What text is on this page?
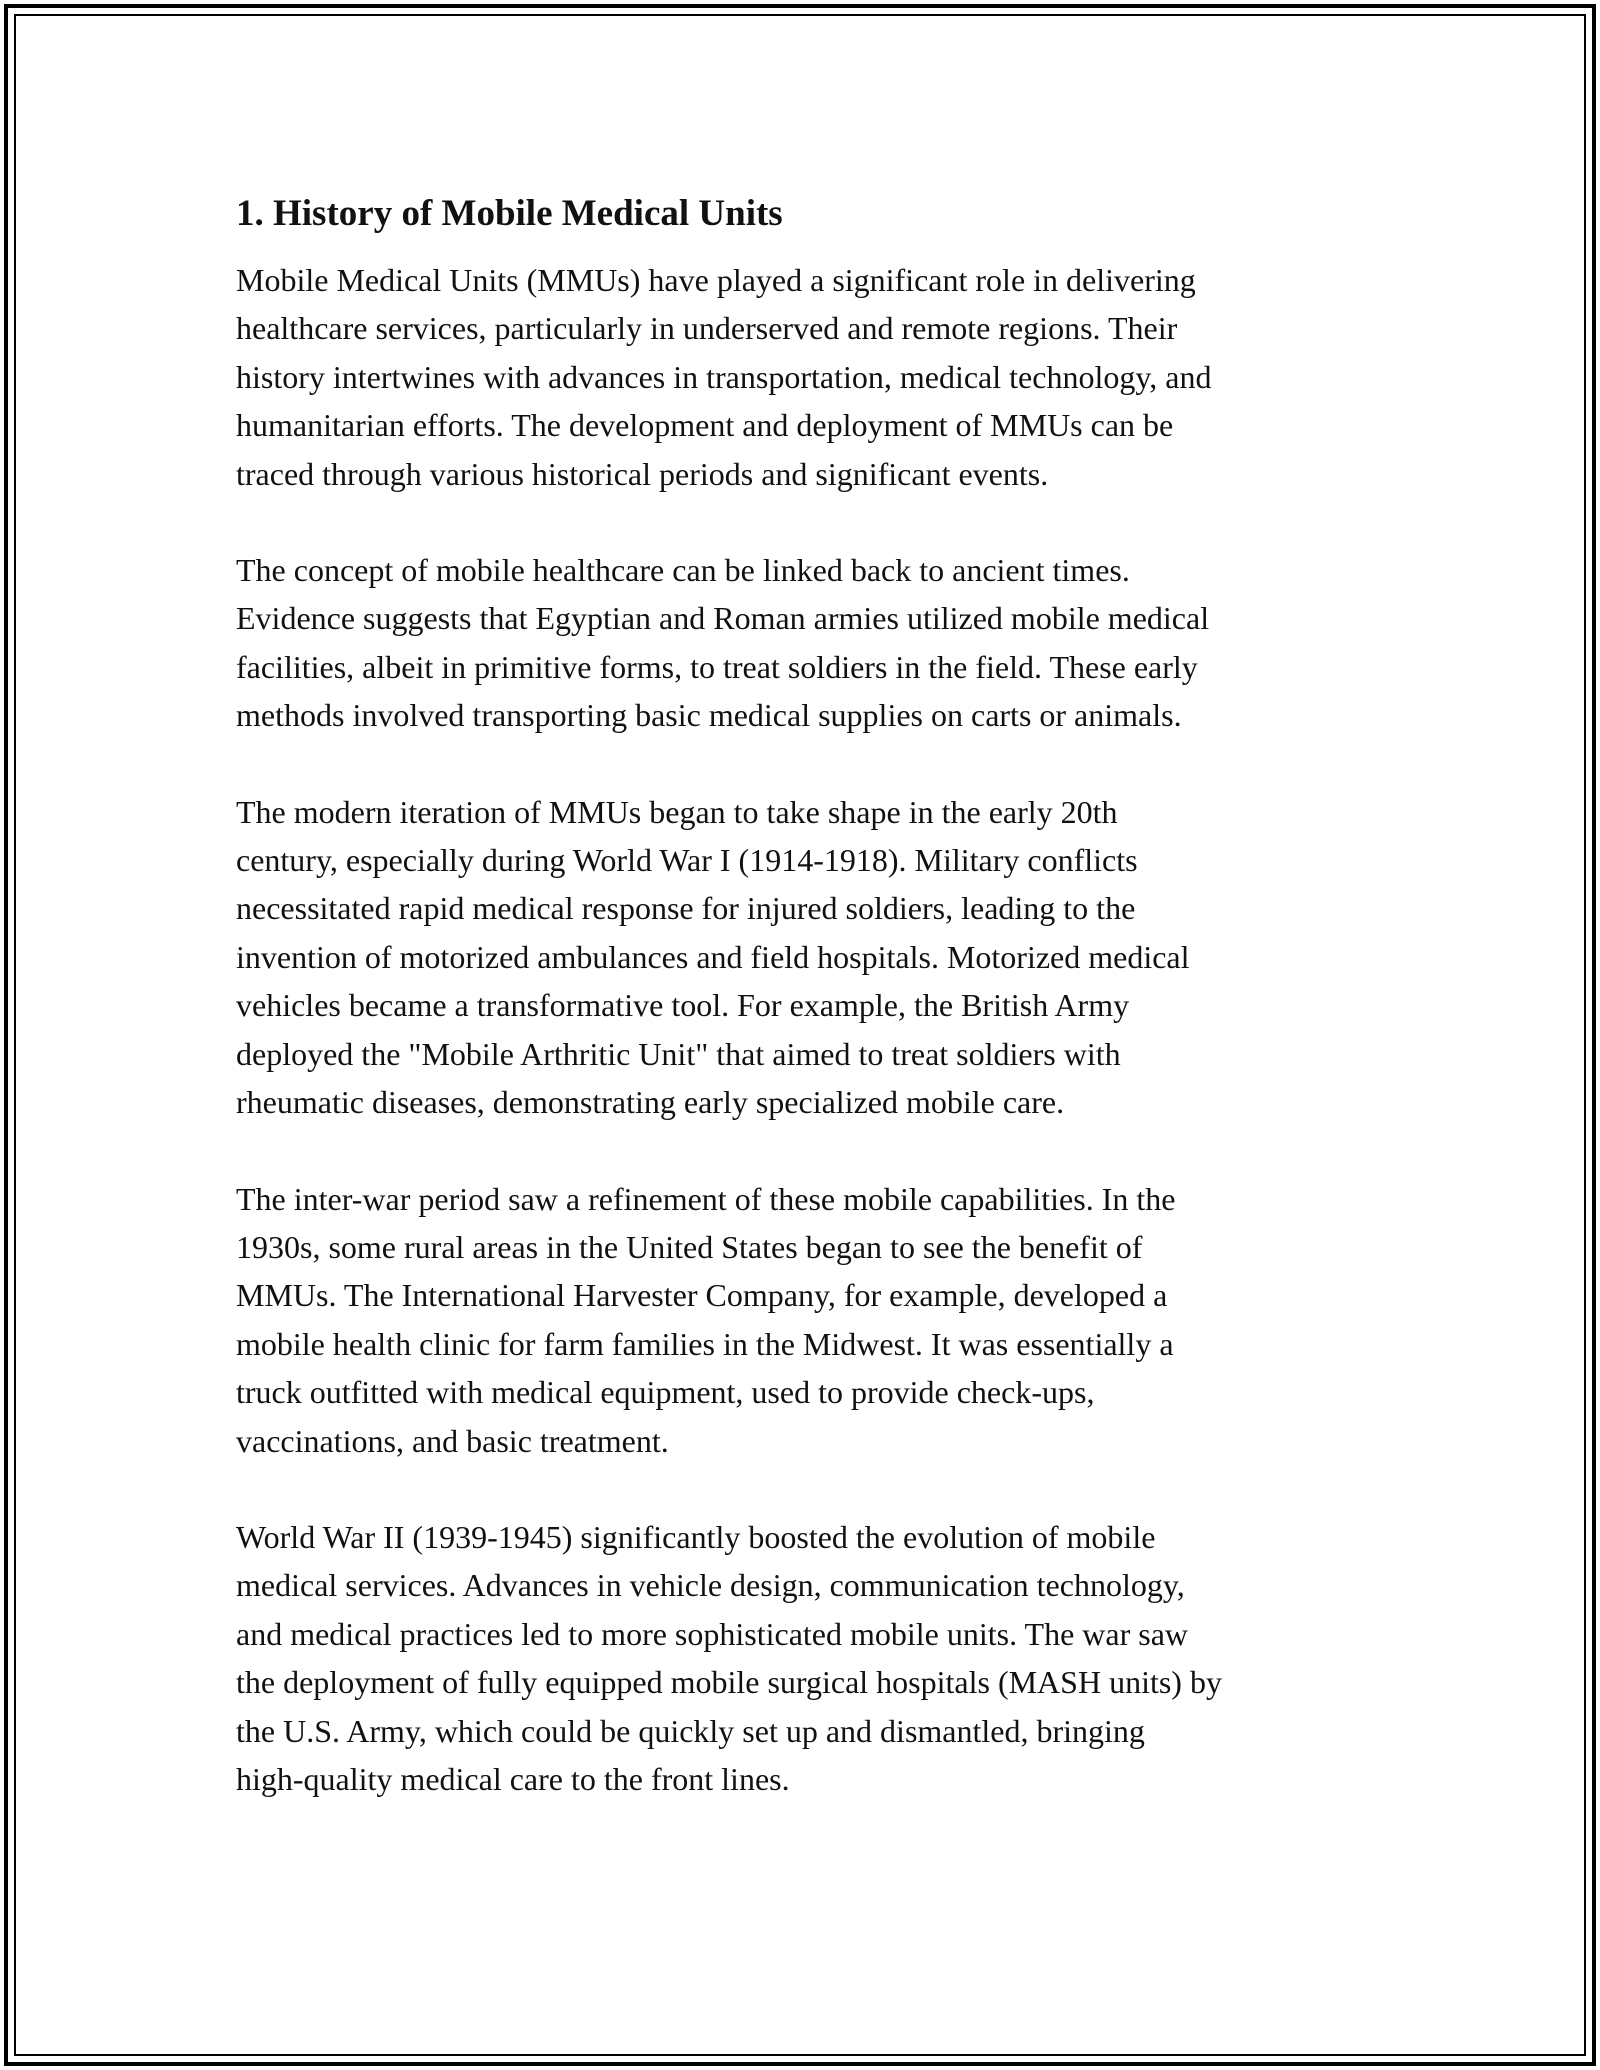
1. History of Mobile Medical Units

Mobile Medical Units (MMUs) have played a significant role in delivering
healthcare services, particularly in underserved and remote regions. Their
history intertwines with advances in transportation, medical technology, and
humanitarian efforts. The development and deployment of MMUs can be
traced through various historical periods and significant events.

The concept of mobile healthcare can be linked back to ancient times.
Evidence suggests that Egyptian and Roman armies utilized mobile medical
facilities, albeit in primitive forms, to treat soldiers in the field. These early
methods involved transporting basic medical supplies on carts or animals.

The modern iteration of MMUs began to take shape in the early 20th
century, especially during World War I (1914-1918). Military conflicts
necessitated rapid medical response for injured soldiers, leading to the
invention of motorized ambulances and field hospitals. Motorized medical
vehicles became a transformative tool. For example, the British Army
deployed the "Mobile Arthritic Unit" that aimed to treat soldiers with
rheumatic diseases, demonstrating early specialized mobile care.

The inter-war period saw a refinement of these mobile capabilities. In the
1930s, some rural areas in the United States began to see the benefit of
MMUs. The International Harvester Company, for example, developed a
mobile health clinic for farm families in the Midwest. It was essentially a
truck outfitted with medical equipment, used to provide check-ups,
vaccinations, and basic treatment.

World War II (1939-1945) significantly boosted the evolution of mobile
medical services. Advances in vehicle design, communication technology,
and medical practices led to more sophisticated mobile units. The war saw
the deployment of fully equipped mobile surgical hospitals (MASH units) by
the U.S. Army, which could be quickly set up and dismantled, bringing
high-quality medical care to the front lines.
